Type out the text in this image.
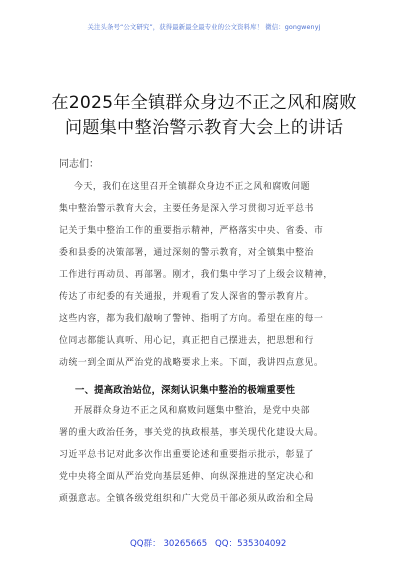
关注头条号“公文研究”，获得最新最全最专业的公文资料库！ 微信：gongwenyj
在2025年全镇群众身边不正之风和腐败
问题集中整治警示教育大会上的讲话
同志们：
今天，我们在这里召开全镇群众身边不正之风和腐败问题
集中整治警示教育大会，主要任务是深入学习贯彻习近平总书
记关于集中整治工作的重要指示精神，严格落实中央、省委、市
委和县委的决策部署，通过深刻的警示教育，对全镇集中整治
工作进行再动员、再部署。刚才，我们集中学习了上级会议精神，
传达了市纪委的有关通报，并观看了发人深省的警示教育片。
这些内容，都为我们敲响了警钟、指明了方向。希望在座的每一
位同志都能认真听、用心记，真正把自己摆进去，把思想和行
动统一到全面从严治党的战略要求上来。下面，我讲四点意见。
一、提高政治站位，深刻认识集中整治的极端重要性
开展群众身边不正之风和腐败问题集中整治，是党中央部
署的重大政治任务，事关党的执政根基，事关现代化建设大局。
习近平总书记对此多次作出重要论述和重要指示批示，彰显了
党中央将全面从严治党向基层延伸、向纵深推进的坚定决心和
顽强意志。全镇各级党组织和广大党员干部必须从政治和全局
QQ群： 30265665 QQ：535304092
